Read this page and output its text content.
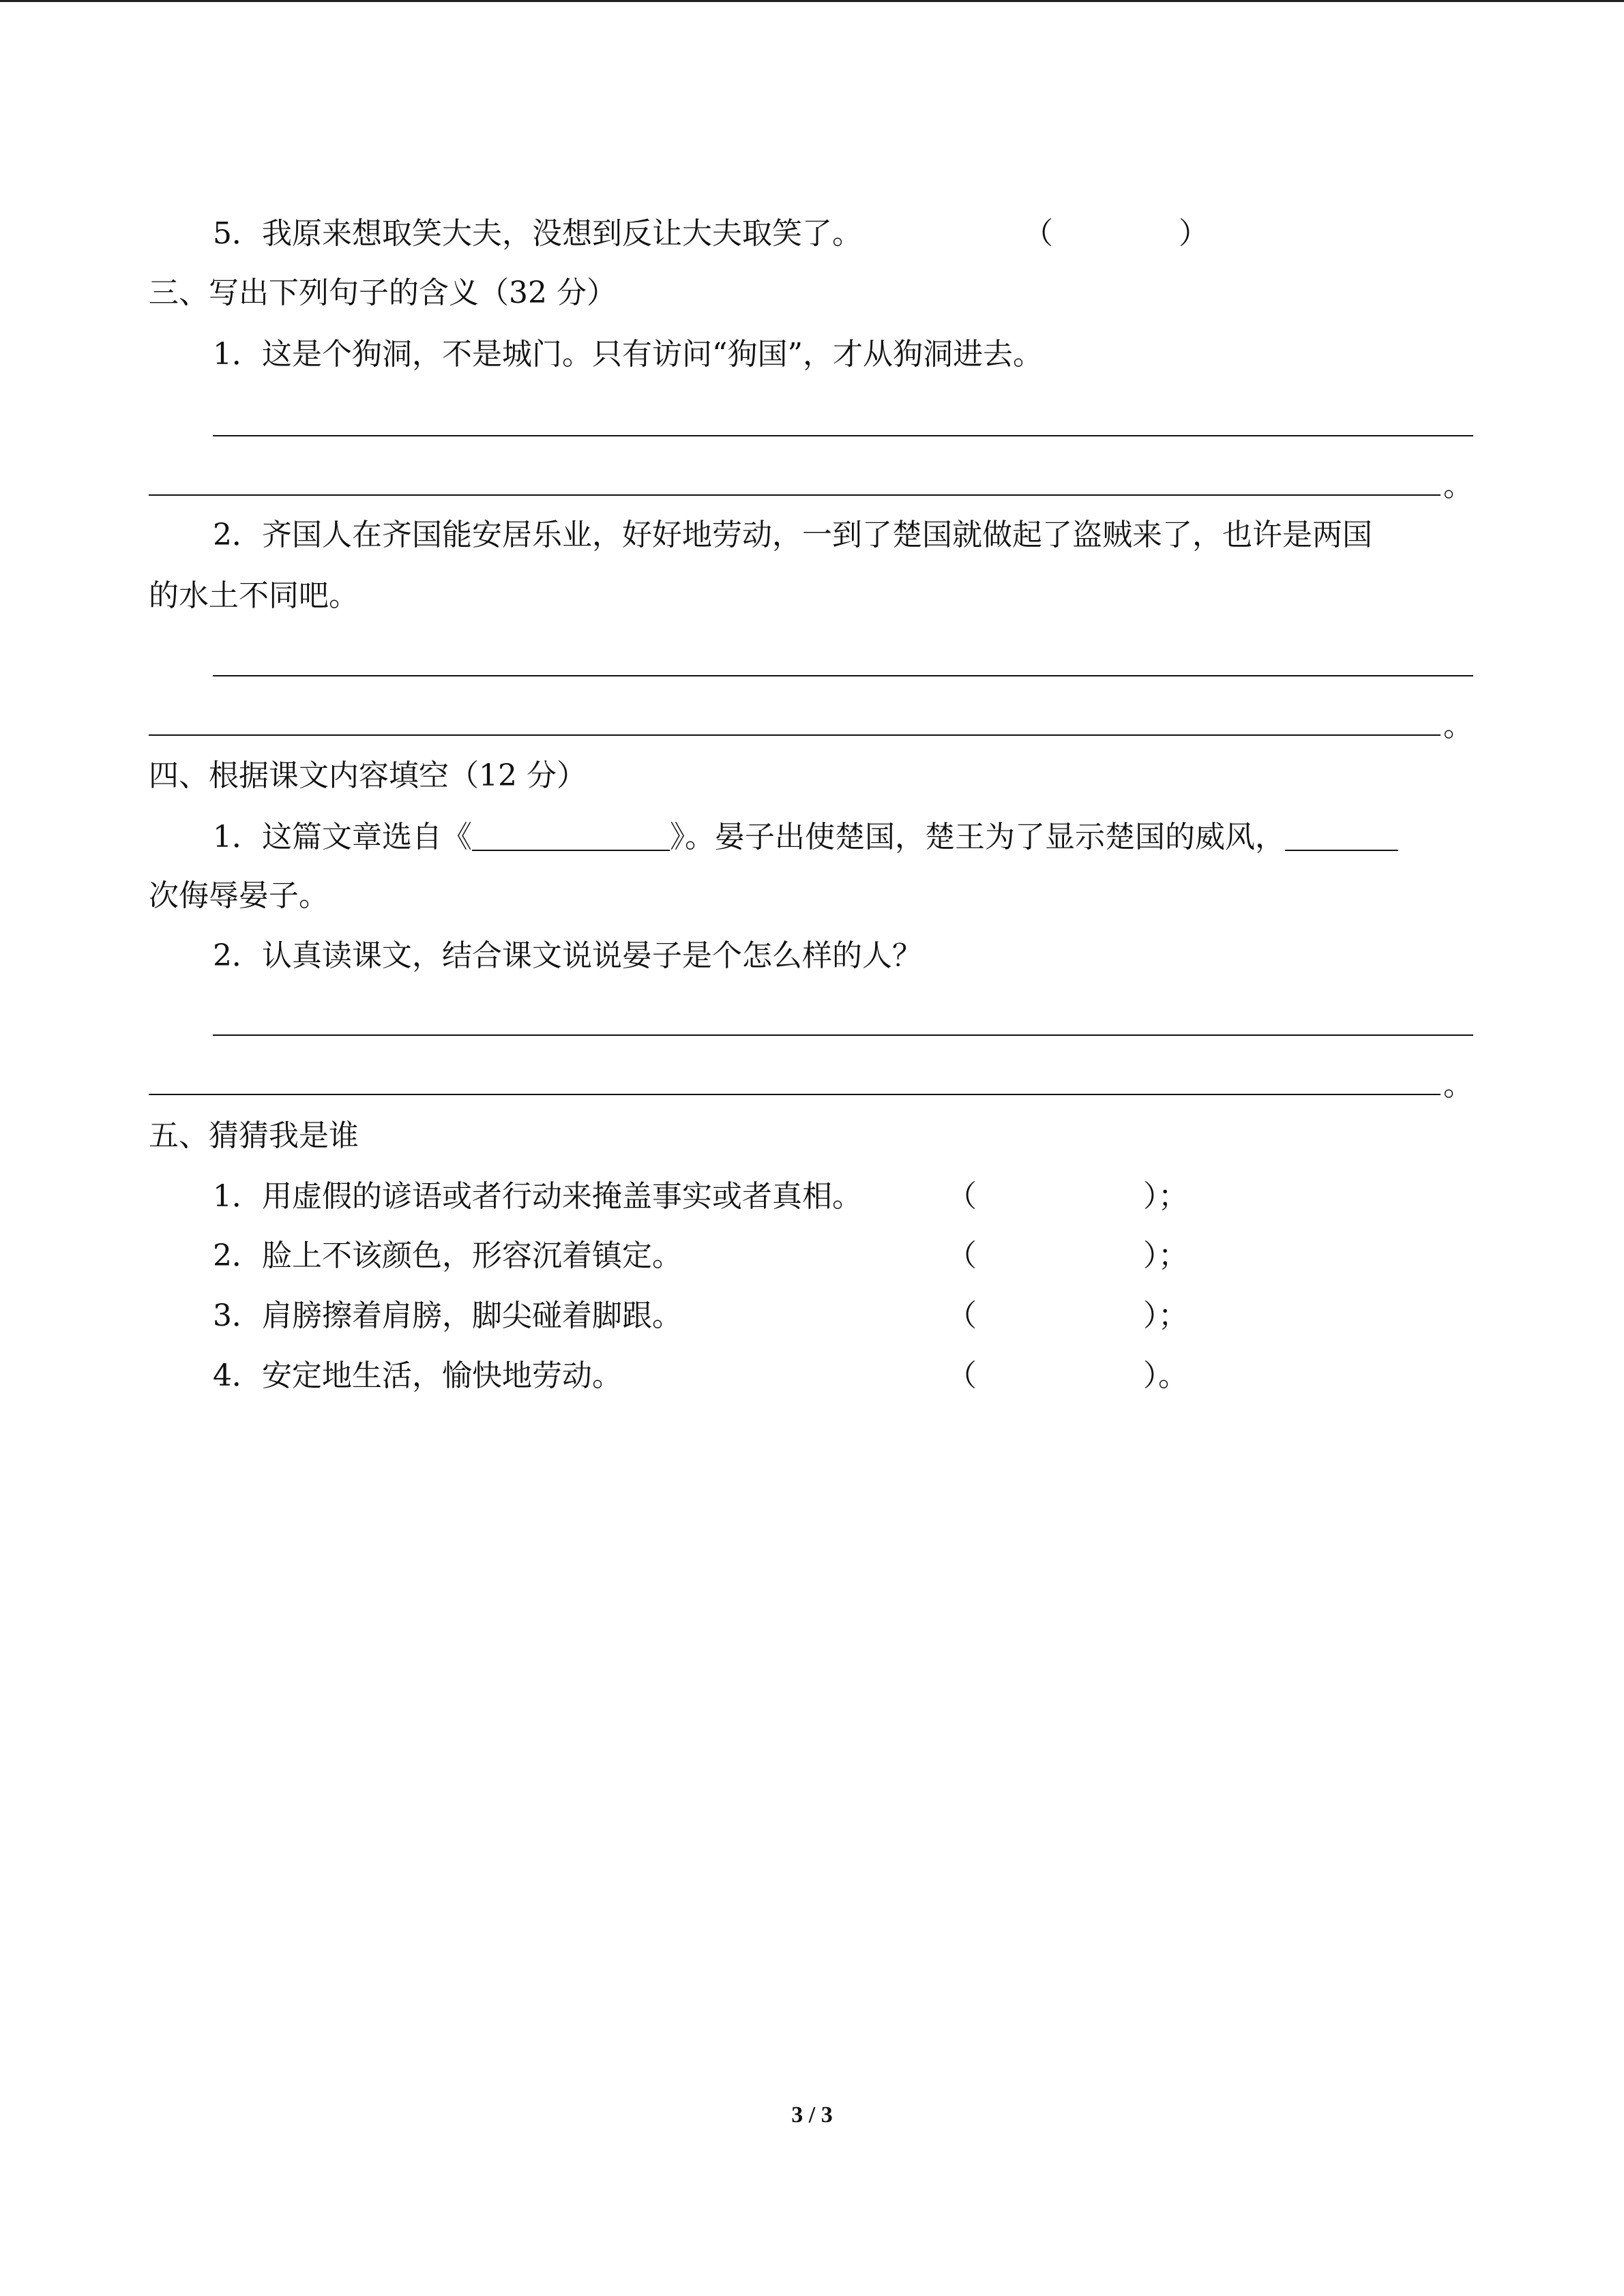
5．我原来想取笑大夫，没想到反让大夫取笑了。	（	）
三、写出下列句子的含义（32 分）
1．这是个狗洞，不是城门。只有访问“狗国”，才从狗洞进去。
。
2．齐国人在齐国能安居乐业，好好地劳动，一到了楚国就做起了盗贼来了，也许是两国
的水土不同吧。
。
四、根据课文内容填空（12 分）
1．这篇文章选自《	》。晏子出使楚国，楚王为了显示楚国的威风，
次侮辱晏子。
2．认真读课文，结合课文说说晏子是个怎么样的人？
。
五、猜猜我是谁
1．用虚假的谚语或者行动来掩盖事实或者真相。	（	）；
2．脸上不该颜色，形容沉着镇定。	（	）；
3．肩膀擦着肩膀，脚尖碰着脚跟。	（	）；
4．安定地生活，愉快地劳动。	（	）。
3 / 3
